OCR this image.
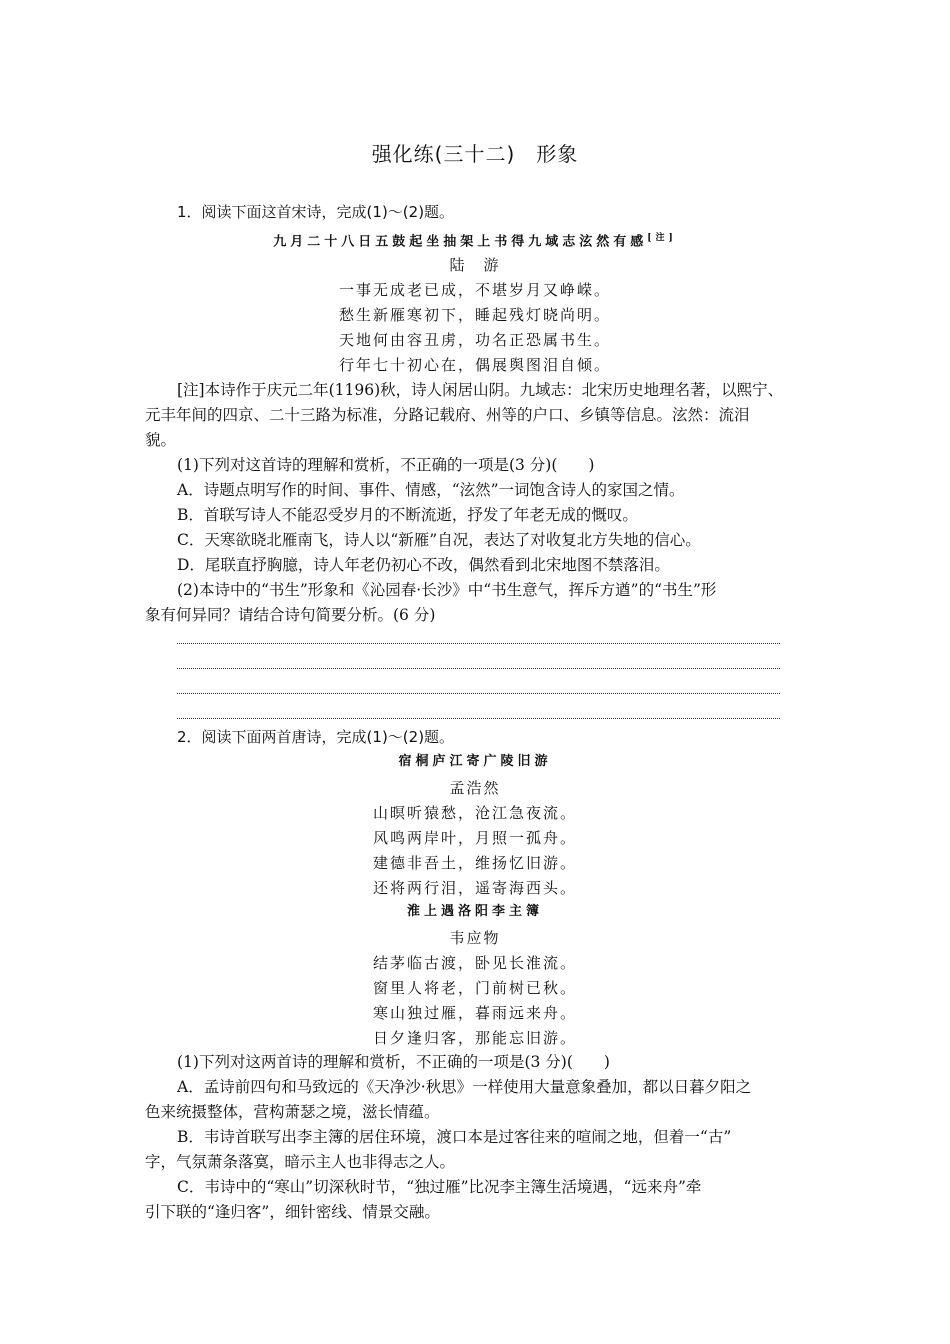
强化练(三十二)　形象
1．阅读下面这首宋诗，完成(1)～(2)题。
九月二十八日五鼓起坐抽架上书得九域志泫然有感[注]
陆　游
一事无成老已成，不堪岁月又峥嵘。
愁生新雁寒初下，睡起残灯晓尚明。
天地何由容丑虏，功名正恐属书生。
行年七十初心在，偶展舆图泪自倾。
[注]本诗作于庆元二年(1196)秋，诗人闲居山阴。九域志：北宋历史地理名著，以熙宁、
元丰年间的四京、二十三路为标准，分路记载府、州等的户口、乡镇等信息。泫然：流泪
貌。
(1)下列对这首诗的理解和赏析，不正确的一项是(3 分)(　　)
A．诗题点明写作的时间、事件、情感，“泫然”一词饱含诗人的家国之情。
B．首联写诗人不能忍受岁月的不断流逝，抒发了年老无成的慨叹。
C．天寒欲晓北雁南飞，诗人以“新雁”自况，表达了对收复北方失地的信心。
D．尾联直抒胸臆，诗人年老仍初心不改，偶然看到北宋地图不禁落泪。
(2)本诗中的“书生”形象和《沁园春·长沙》中“书生意气，挥斥方遒”的“书生”形
象有何异同？请结合诗句简要分析。(6 分)
2．阅读下面两首唐诗，完成(1)～(2)题。
宿桐庐江寄广陵旧游
孟浩然
山暝听猿愁，沧江急夜流。
风鸣两岸叶，月照一孤舟。
建德非吾土，维扬忆旧游。
还将两行泪，遥寄海西头。
淮上遇洛阳李主簿
韦应物
结茅临古渡，卧见长淮流。
窗里人将老，门前树已秋。
寒山独过雁，暮雨远来舟。
日夕逢归客，那能忘旧游。
(1)下列对这两首诗的理解和赏析，不正确的一项是(3 分)(　　)
A．孟诗前四句和马致远的《天净沙·秋思》一样使用大量意象叠加，都以日暮夕阳之
色来统摄整体，营构萧瑟之境，滋长情蕴。
B．韦诗首联写出李主簿的居住环境，渡口本是过客往来的喧闹之地，但着一“古”
字，气氛萧条落寞，暗示主人也非得志之人。
C．韦诗中的“寒山”切深秋时节，“独过雁”比况李主簿生活境遇，“远来舟”牵
引下联的“逢归客”，细针密线、情景交融。
